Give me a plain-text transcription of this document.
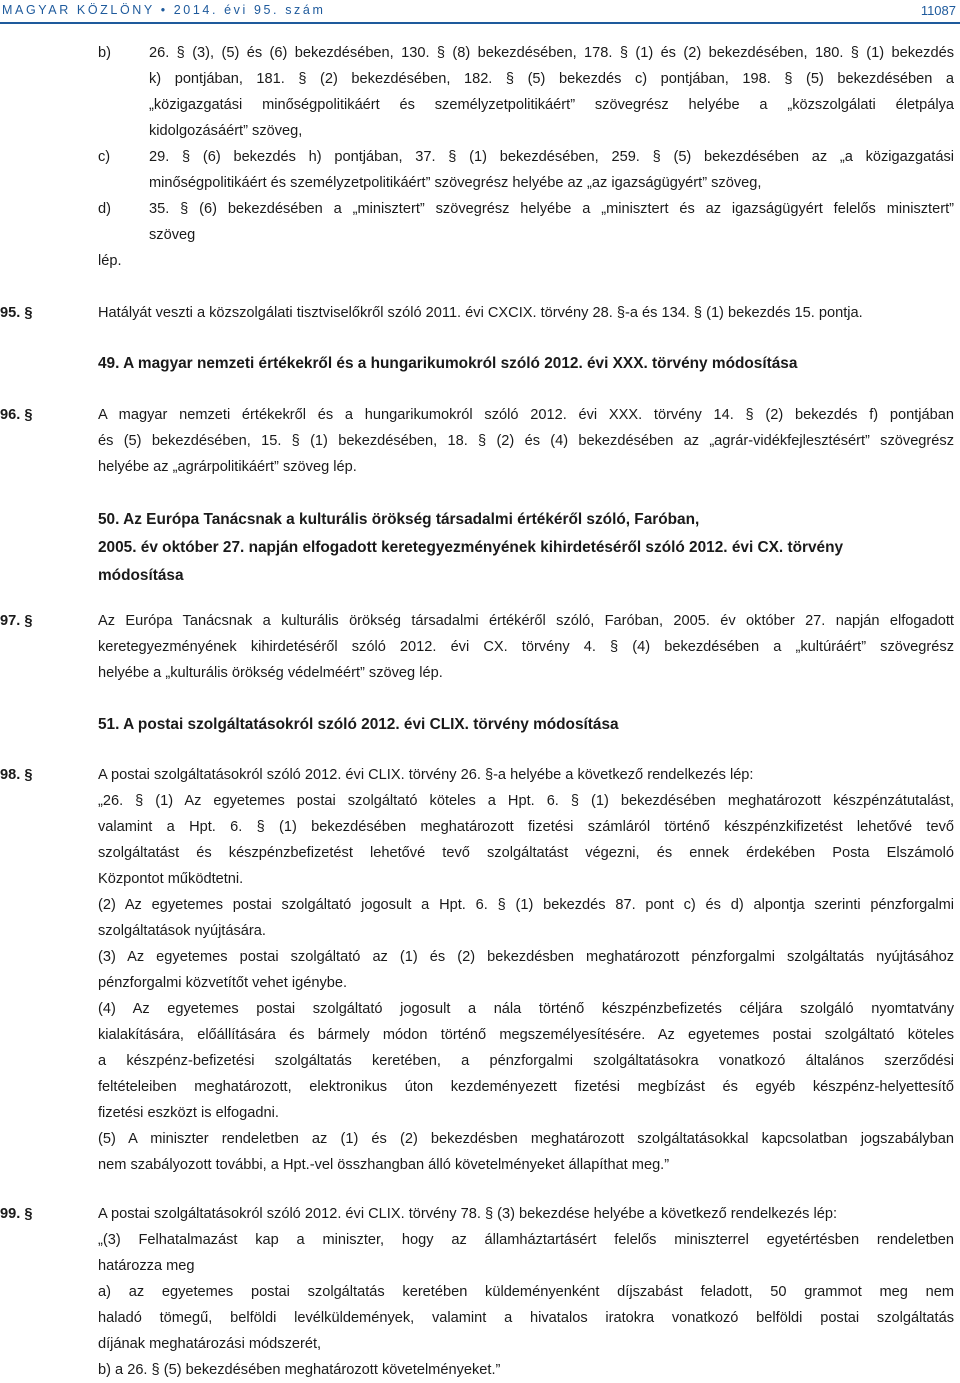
MAGYAR KÖZLÖNY • 2014. évi 95. szám	11087
b)	26. § (3), (5) és (6) bekezdésében, 130. § (8) bekezdésében, 178. § (1) és (2) bekezdésében, 180. § (1) bekezdés
k) pontjában, 181. § (2) bekezdésében, 182. § (5) bekezdés c) pontjában, 198. § (5) bekezdésében a
„közigazgatási minőségpolitikáért és személyzetpolitikáért” szövegrész helyébe a „közszolgálati életpálya
kidolgozásáért” szöveg,
c)	29. § (6) bekezdés h) pontjában, 37. § (1) bekezdésében, 259. § (5) bekezdésében az „a közigazgatási
minőségpolitikáért és személyzetpolitikáért” szövegrész helyébe az „az igazságügyért” szöveg,
d)	35. § (6) bekezdésében a „minisztert” szövegrész helyébe a „minisztert és az igazságügyért felelős minisztert”
szöveg
lép.
95. §	Hatályát veszti a közszolgálati tisztviselőkről szóló 2011. évi CXCIX. törvény 28. §-a és 134. § (1) bekezdés 15. pontja.
49. A magyar nemzeti értékekről és a hungarikumokról szóló 2012. évi XXX. törvény módosítása
96. §	A magyar nemzeti értékekről és a hungarikumokról szóló 2012. évi XXX. törvény 14. § (2) bekezdés f) pontjában
és (5) bekezdésében, 15. § (1) bekezdésében, 18. § (2) és (4) bekezdésében az „agrár-vidékfejlesztésért” szövegrész
helyébe az „agrárpolitikáért” szöveg lép.
50. Az Európa Tanácsnak a kulturális örökség társadalmi értékéről szóló, Faróban,
2005. év október 27. napján elfogadott keretegyezményének kihirdetéséről szóló 2012. évi CX. törvény
módosítása
97. §	Az Európa Tanácsnak a kulturális örökség társadalmi értékéről szóló, Faróban, 2005. év október 27. napján elfogadott
keretegyezményének kihirdetéséről szóló 2012. évi CX. törvény 4. § (4) bekezdésében a „kultúráért” szövegrész
helyébe a „kulturális örökség védelméért” szöveg lép.
51. A postai szolgáltatásokról szóló 2012. évi CLIX. törvény módosítása
98. §	A postai szolgáltatásokról szóló 2012. évi CLIX. törvény 26. §-a helyébe a következő rendelkezés lép:
„26. § (1) Az egyetemes postai szolgáltató köteles a Hpt. 6. § (1) bekezdésében meghatározott készpénzátutalást,
valamint a Hpt. 6. § (1) bekezdésében meghatározott fizetési számláról történő készpénzkifizetést lehetővé tevő
szolgáltatást és készpénzbefizetést lehetővé tevő szolgáltatást végezni, és ennek érdekében Posta Elszámoló
Központot működtetni.
(2) Az egyetemes postai szolgáltató jogosult a Hpt. 6. § (1) bekezdés 87. pont c) és d) alpontja szerinti pénzforgalmi
szolgáltatások nyújtására.
(3) Az egyetemes postai szolgáltató az (1) és (2) bekezdésben meghatározott pénzforgalmi szolgáltatás nyújtásához
pénzforgalmi közvetítőt vehet igénybe.
(4) Az egyetemes postai szolgáltató jogosult a nála történő készpénzbefizetés céljára szolgáló nyomtatvány
kialakítására, előállítására és bármely módon történő megszemélyesítésére. Az egyetemes postai szolgáltató köteles
a készpénz-befizetési szolgáltatás keretében, a pénzforgalmi szolgáltatásokra vonatkozó általános szerződési
feltételeiben meghatározott, elektronikus úton kezdeményezett fizetési megbízást és egyéb készpénz-helyettesítő
fizetési eszközt is elfogadni.
(5) A miniszter rendeletben az (1) és (2) bekezdésben meghatározott szolgáltatásokkal kapcsolatban jogszabályban
nem szabályozott további, a Hpt.-vel összhangban álló követelményeket állapíthat meg.”
99. §	A postai szolgáltatásokról szóló 2012. évi CLIX. törvény 78. § (3) bekezdése helyébe a következő rendelkezés lép:
„(3) Felhatalmazást kap a miniszter, hogy az államháztartásért felelős miniszterrel egyetértésben rendeletben
határozza meg
a) az egyetemes postai szolgáltatás keretében küldeményenként díjszabást feladott, 50 grammot meg nem
haladó tömegű, belföldi levélküldemények, valamint a hivatalos iratokra vonatkozó belföldi postai szolgáltatás
díjának meghatározási módszerét,
b) a 26. § (5) bekezdésében meghatározott követelményeket.”
